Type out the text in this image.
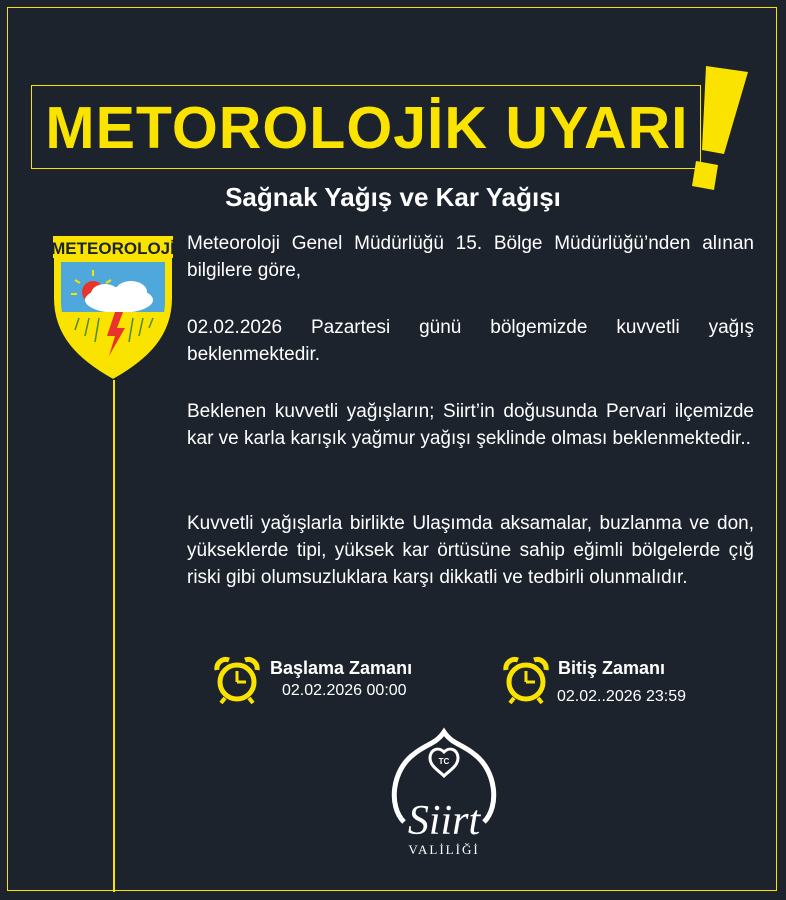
METOROLOJİK UYARI
Sağnak Yağış ve Kar Yağışı
METEOROLOJİ Meteoroloji Genel Müdürlüğü 15. Bölge Müdürlüğü’nden alınan bilgilere göre,
02.02.2026 Pazartesi günü bölgemizde kuvvetli yağış beklenmektedir.
Beklenen kuvvetli yağışların; Siirt’in doğusunda Pervari ilçemizde kar ve karla karışık yağmur yağışı şeklinde olması beklenmektedir..
Kuvvetli yağışlarla birlikte Ulaşımda aksamalar, buzlanma ve don, yükseklerde tipi, yüksek kar örtüsüne sahip eğimli bölgelerde çığ riski gibi olumsuzluklara karşı dikkatli ve tedbirli olunmalıdır.
Başlama Zamanı
02.02.2026 00:00
Bitiş Zamanı
02.02..2026 23:59
TC
Siirt
VALİLİĞİ
